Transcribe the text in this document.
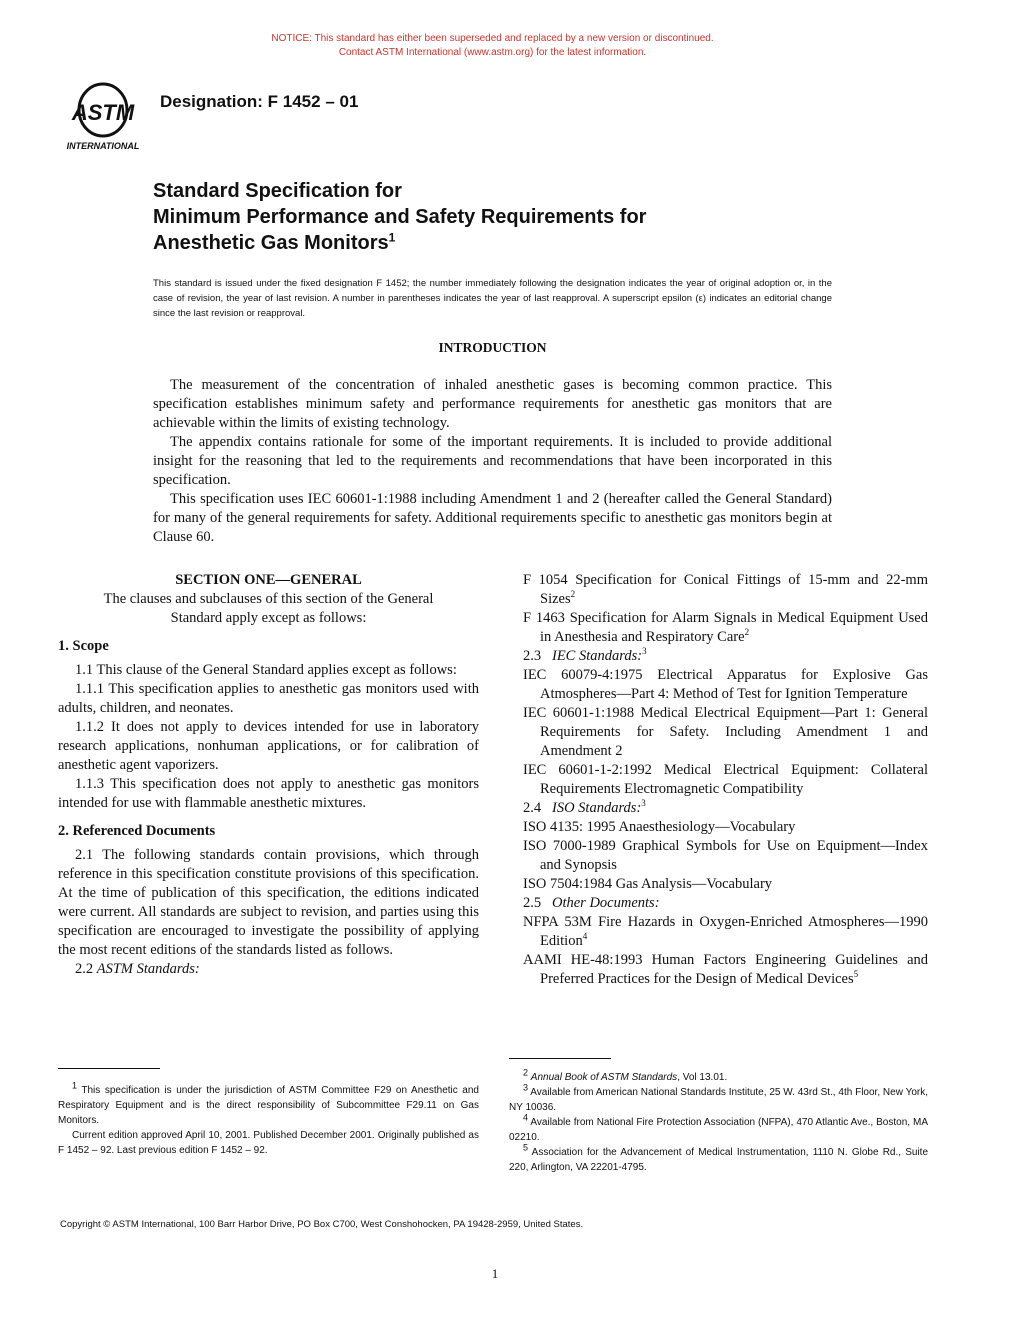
NOTICE: This standard has either been superseded and replaced by a new version or discontinued.
Contact ASTM International (www.astm.org) for the latest information.
ASTM
INTERNATIONAL
Designation: F 1452 – 01
Standard Specification for
Minimum Performance and Safety Requirements for
Anesthetic Gas Monitors$^1$
This standard is issued under the fixed designation F 1452; the number immediately following the designation indicates the year of original adoption or, in the case of revision, the year of last revision. A number in parentheses indicates the year of last reapproval. A superscript epsilon (ε) indicates an editorial change since the last revision or reapproval.
INTRODUCTION

The measurement of the concentration of inhaled anesthetic gases is becoming common practice. This specification establishes minimum safety and performance requirements for anesthetic gas monitors that are achievable within the limits of existing technology.

The appendix contains rationale for some of the important requirements. It is included to provide additional insight for the reasoning that led to the requirements and recommendations that have been incorporated in this specification.

This specification uses IEC 60601-1:1988 including Amendment 1 and 2 (hereafter called the General Standard) for many of the general requirements for safety. Additional requirements specific to anesthetic gas monitors begin at Clause 60.

SECTION ONE—GENERAL

The clauses and subclauses of this section of the General Standard apply except as follows:

1. Scope

1.1 This clause of the General Standard applies except as follows:

1.1.1 This specification applies to anesthetic gas monitors used with adults, children, and neonates.

1.1.2 It does not apply to devices intended for use in laboratory research applications, nonhuman applications, or for calibration of anesthetic agent vaporizers.

1.1.3 This specification does not apply to anesthetic gas monitors intended for use with flammable anesthetic mixtures.

2. Referenced Documents

2.1 The following standards contain provisions, which through reference in this specification constitute provisions of this specification. At the time of publication of this specification, the editions indicated were current. All standards are subject to revision, and parties using this specification are encouraged to investigate the possibility of applying the most recent editions of the standards listed as follows.

2.2 ASTM Standards:

F 1054 Specification for Conical Fittings of 15-mm and 22-mm Sizes$^2$

F 1463 Specification for Alarm Signals in Medical Equipment Used in Anesthesia and Respiratory Care$^2$

2.3 IEC Standards:$^3$

IEC 60079-4:1975 Electrical Apparatus for Explosive Gas Atmospheres—Part 4: Method of Test for Ignition Temperature

IEC 60601-1:1988 Medical Electrical Equipment—Part 1: General Requirements for Safety. Including Amendment 1 and Amendment 2

IEC 60601-1-2:1992 Medical Electrical Equipment: Collateral Requirements Electromagnetic Compatibility

2.4 ISO Standards:$^3$

ISO 4135: 1995 Anaesthesiology—Vocabulary

ISO 7000-1989 Graphical Symbols for Use on Equipment—Index and Synopsis

ISO 7504:1984 Gas Analysis—Vocabulary

2.5 Other Documents:

NFPA 53M Fire Hazards in Oxygen-Enriched Atmospheres—1990 Edition$^4$

AAMI HE-48:1993 Human Factors Engineering Guidelines and Preferred Practices for the Design of Medical Devices$^5$

$^1$ This specification is under the jurisdiction of ASTM Committee F29 on Anesthetic and Respiratory Equipment and is the direct responsibility of Subcommittee F29.11 on Gas Monitors.

Current edition approved April 10, 2001. Published December 2001. Originally published as F 1452 – 92. Last previous edition F 1452 – 92.

$^2$ Annual Book of ASTM Standards, Vol 13.01.

$^3$ Available from American National Standards Institute, 25 W. 43rd St., 4th Floor, New York, NY 10036.

$^4$ Available from National Fire Protection Association (NFPA), 470 Atlantic Ave., Boston, MA 02210.

$^5$ Association for the Advancement of Medical Instrumentation, 1110 N. Globe Rd., Suite 220, Arlington, VA 22201-4795.

Copyright © ASTM International, 100 Barr Harbor Drive, PO Box C700, West Conshohocken, PA 19428-2959, United States.
1
